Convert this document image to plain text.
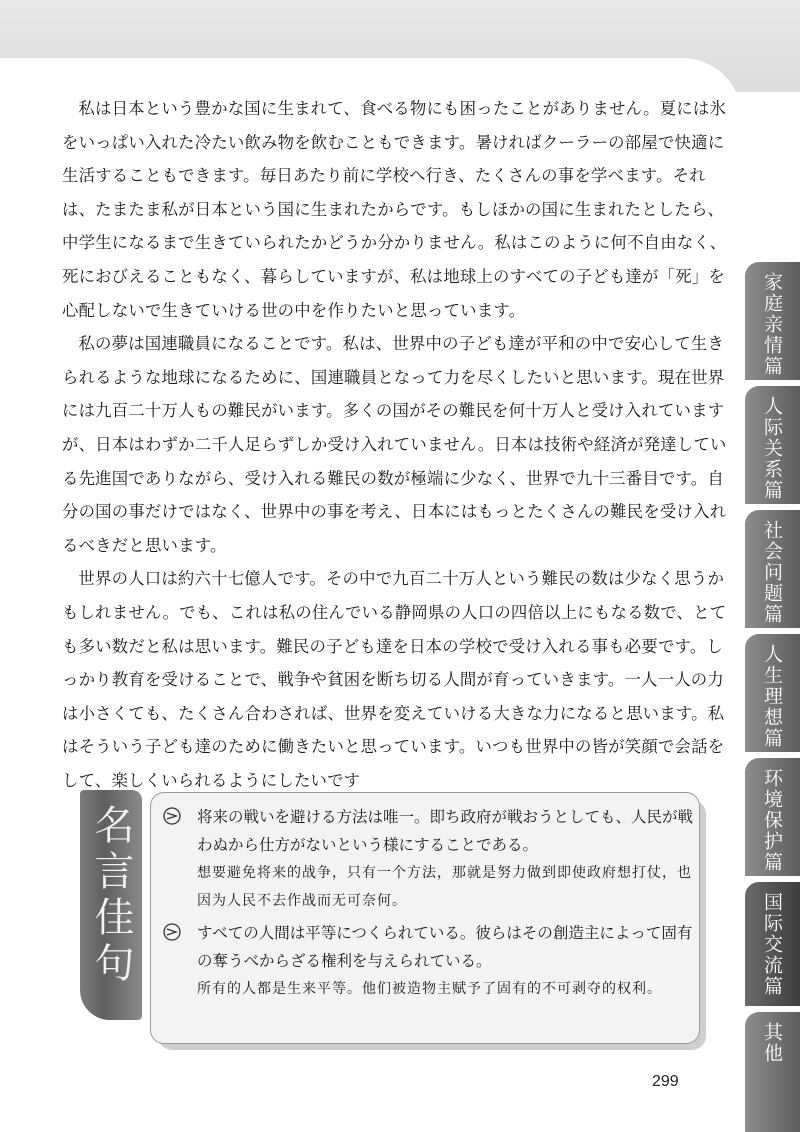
私は日本という豊かな国に生まれて、食べる物にも困ったことがありません。夏には氷をいっぱい入れた冷たい飲み物を飲むこともできます。暑ければクーラーの部屋で快適に生活することもできます。毎日あたり前に学校へ行き、たくさんの事を学べます。それは、たまたま私が日本という国に生まれたからです。もしほかの国に生まれたとしたら、中学生になるまで生きていられたかどうか分かりません。私はこのように何不自由なく、死におびえることもなく、暮らしていますが、私は地球上のすべての子ども達が「死」を心配しないで生きていける世の中を作りたいと思っています。

私の夢は国連職員になることです。私は、世界中の子ども達が平和の中で安心して生きられるような地球になるために、国連職員となって力を尽くしたいと思います。現在世界には九百二十万人もの難民がいます。多くの国がその難民を何十万人と受け入れていますが、日本はわずか二千人足らずしか受け入れていません。日本は技術や経済が発達している先進国でありながら、受け入れる難民の数が極端に少なく、世界で九十三番目です。自分の国の事だけではなく、世界中の事を考え、日本にはもっとたくさんの難民を受け入れるべきだと思います。

世界の人口は約六十七億人です。その中で九百二十万人という難民の数は少なく思うかもしれません。でも、これは私の住んでいる静岡県の人口の四倍以上にもなる数で、とても多い数だと私は思います。難民の子ども達を日本の学校で受け入れる事も必要です。しっかり教育を受けることで、戦争や貧困を断ち切る人間が育っていきます。一人一人の力は小さくても、たくさん合わされば、世界を変えていける大きな力になると思います。私はそういう子ども達のために働きたいと思っています。いつも世界中の皆が笑顔で会話をして、楽しくいられるようにしたいです

名言佳句	将来の戦いを避ける方法は唯一。即ち政府が戦おうとしても、人民が戦わぬから仕方がないという様にすることである。
想要避免将来的战争，只有一个方法，那就是努力做到即使政府想打仗，也因为人民不去作战而无可奈何。
すべての人間は平等につくられている。彼らはその創造主によって固有の奪うべからざる権利を与えられている。
所有的人都是生来平等。他们被造物主赋予了固有的不可剥夺的权利。
家庭亲情篇
人际关系篇
社会问题篇
人生理想篇
环境保护篇
国际交流篇
其他
299
